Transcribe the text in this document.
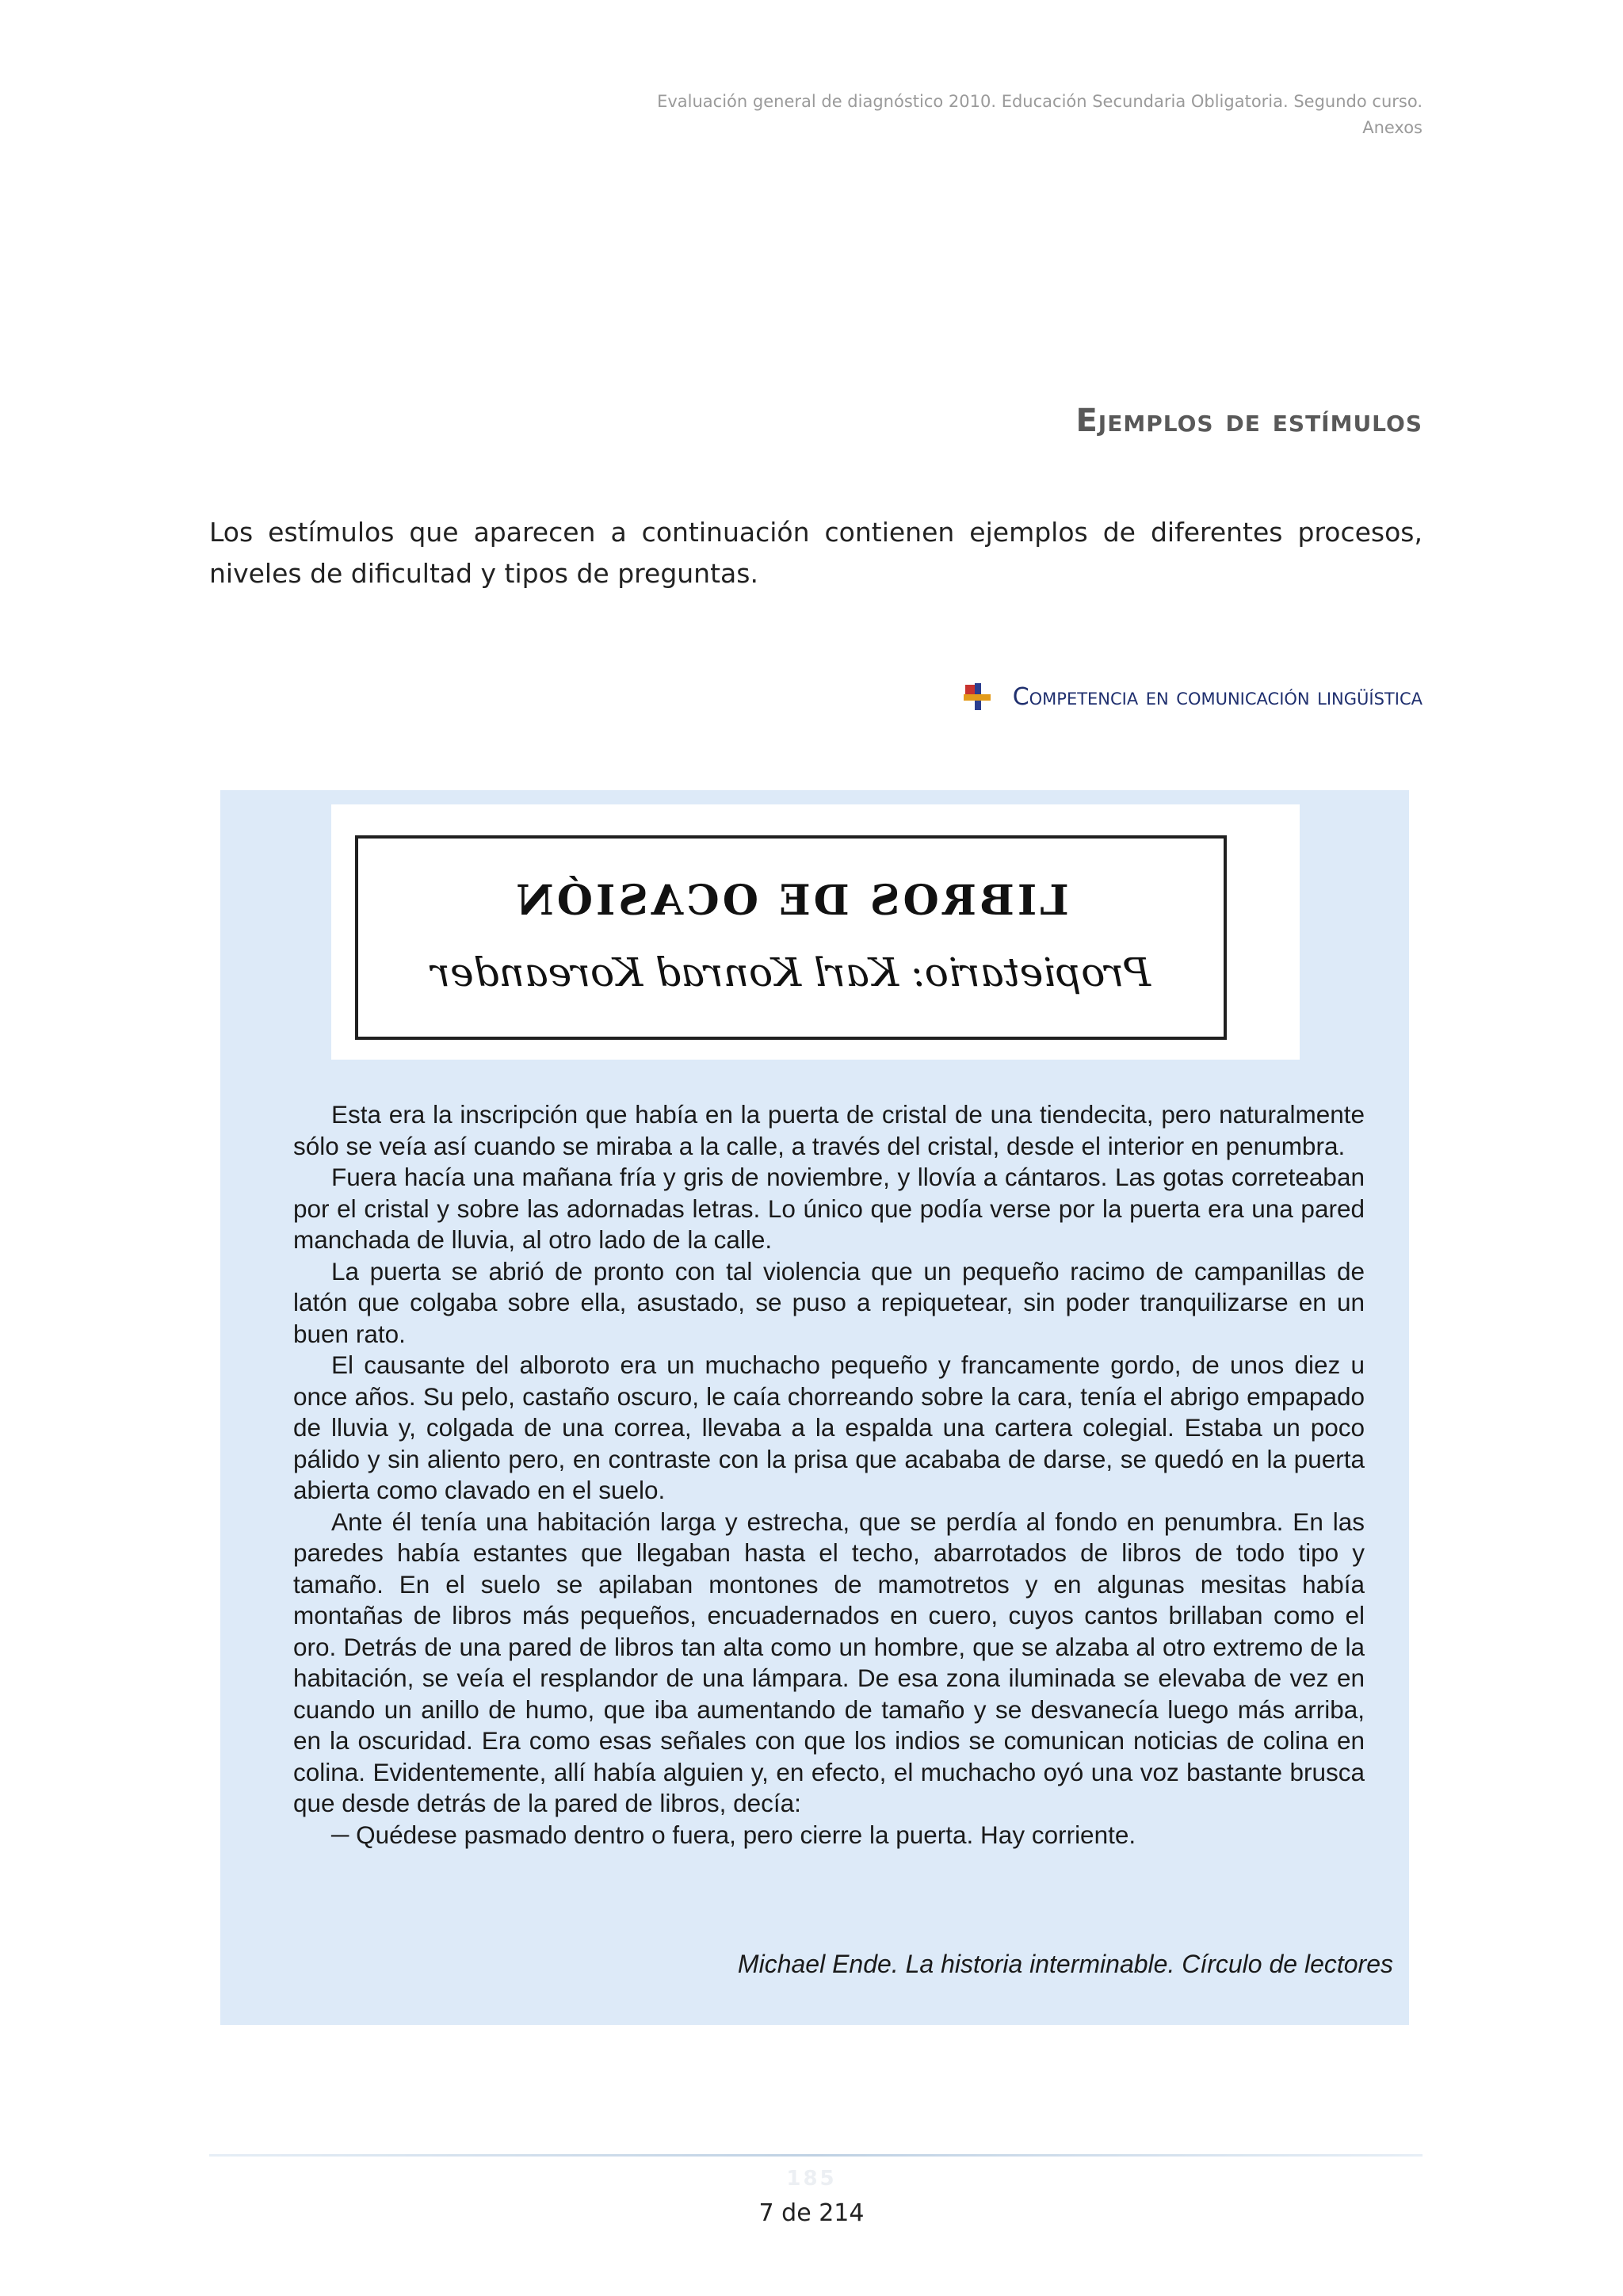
Evaluación general de diagnóstico 2010. Educación Secundaria Obligatoria. Segundo curso.
Anexos
Ejemplos de estímulos
Los estímulos que aparecen a continuación contienen ejemplos de diferentes procesos, niveles de dificultad y tipos de preguntas.
Competencia en comunicación lingüística
LIBROS DE OCASIÓN
Propietario: Karl Konrad Koreander

Esta era la inscripción que había en la puerta de cristal de una tiendecita, pero naturalmente sólo se veía así cuando se miraba a la calle, a través del cristal, desde el interior en penumbra.

Fuera hacía una mañana fría y gris de noviembre, y llovía a cántaros. Las gotas correteaban por el cristal y sobre las adornadas letras. Lo único que podía verse por la puerta era una pared manchada de lluvia, al otro lado de la calle.

La puerta se abrió de pronto con tal violencia que un pequeño racimo de campanillas de latón que colgaba sobre ella, asustado, se puso a repiquetear, sin poder tranquilizarse en un buen rato.

El causante del alboroto era un muchacho pequeño y francamente gordo, de unos diez u once años. Su pelo, castaño oscuro, le caía chorreando sobre la cara, tenía el abrigo empapado de lluvia y, colgada de una correa, llevaba a la espalda una cartera colegial. Estaba un poco pálido y sin aliento pero, en contraste con la prisa que acababa de darse, se quedó en la puerta abierta como clavado en el suelo.

Ante él tenía una habitación larga y estrecha, que se perdía al fondo en penumbra. En las paredes había estantes que llegaban hasta el techo, abarrotados de libros de todo tipo y tamaño. En el suelo se apilaban montones de mamotretos y en algunas mesitas había montañas de libros más pequeños, encuadernados en cuero, cuyos cantos brillaban como el oro. Detrás de una pared de libros tan alta como un hombre, que se alzaba al otro extremo de la habitación, se veía el resplandor de una lámpara. De esa zona iluminada se elevaba de vez en cuando un anillo de humo, que iba aumentando de tamaño y se desvanecía luego más arriba, en la oscuridad. Era como esas señales con que los indios se comunican noticias de colina en colina. Evidentemente, allí había alguien y, en efecto, el muchacho oyó una voz bastante brusca que desde detrás de la pared de libros, decía:

─ Quédese pasmado dentro o fuera, pero cierre la puerta. Hay corriente.

Michael Ende. La historia interminable. Círculo de lectores
185
7 de 214
